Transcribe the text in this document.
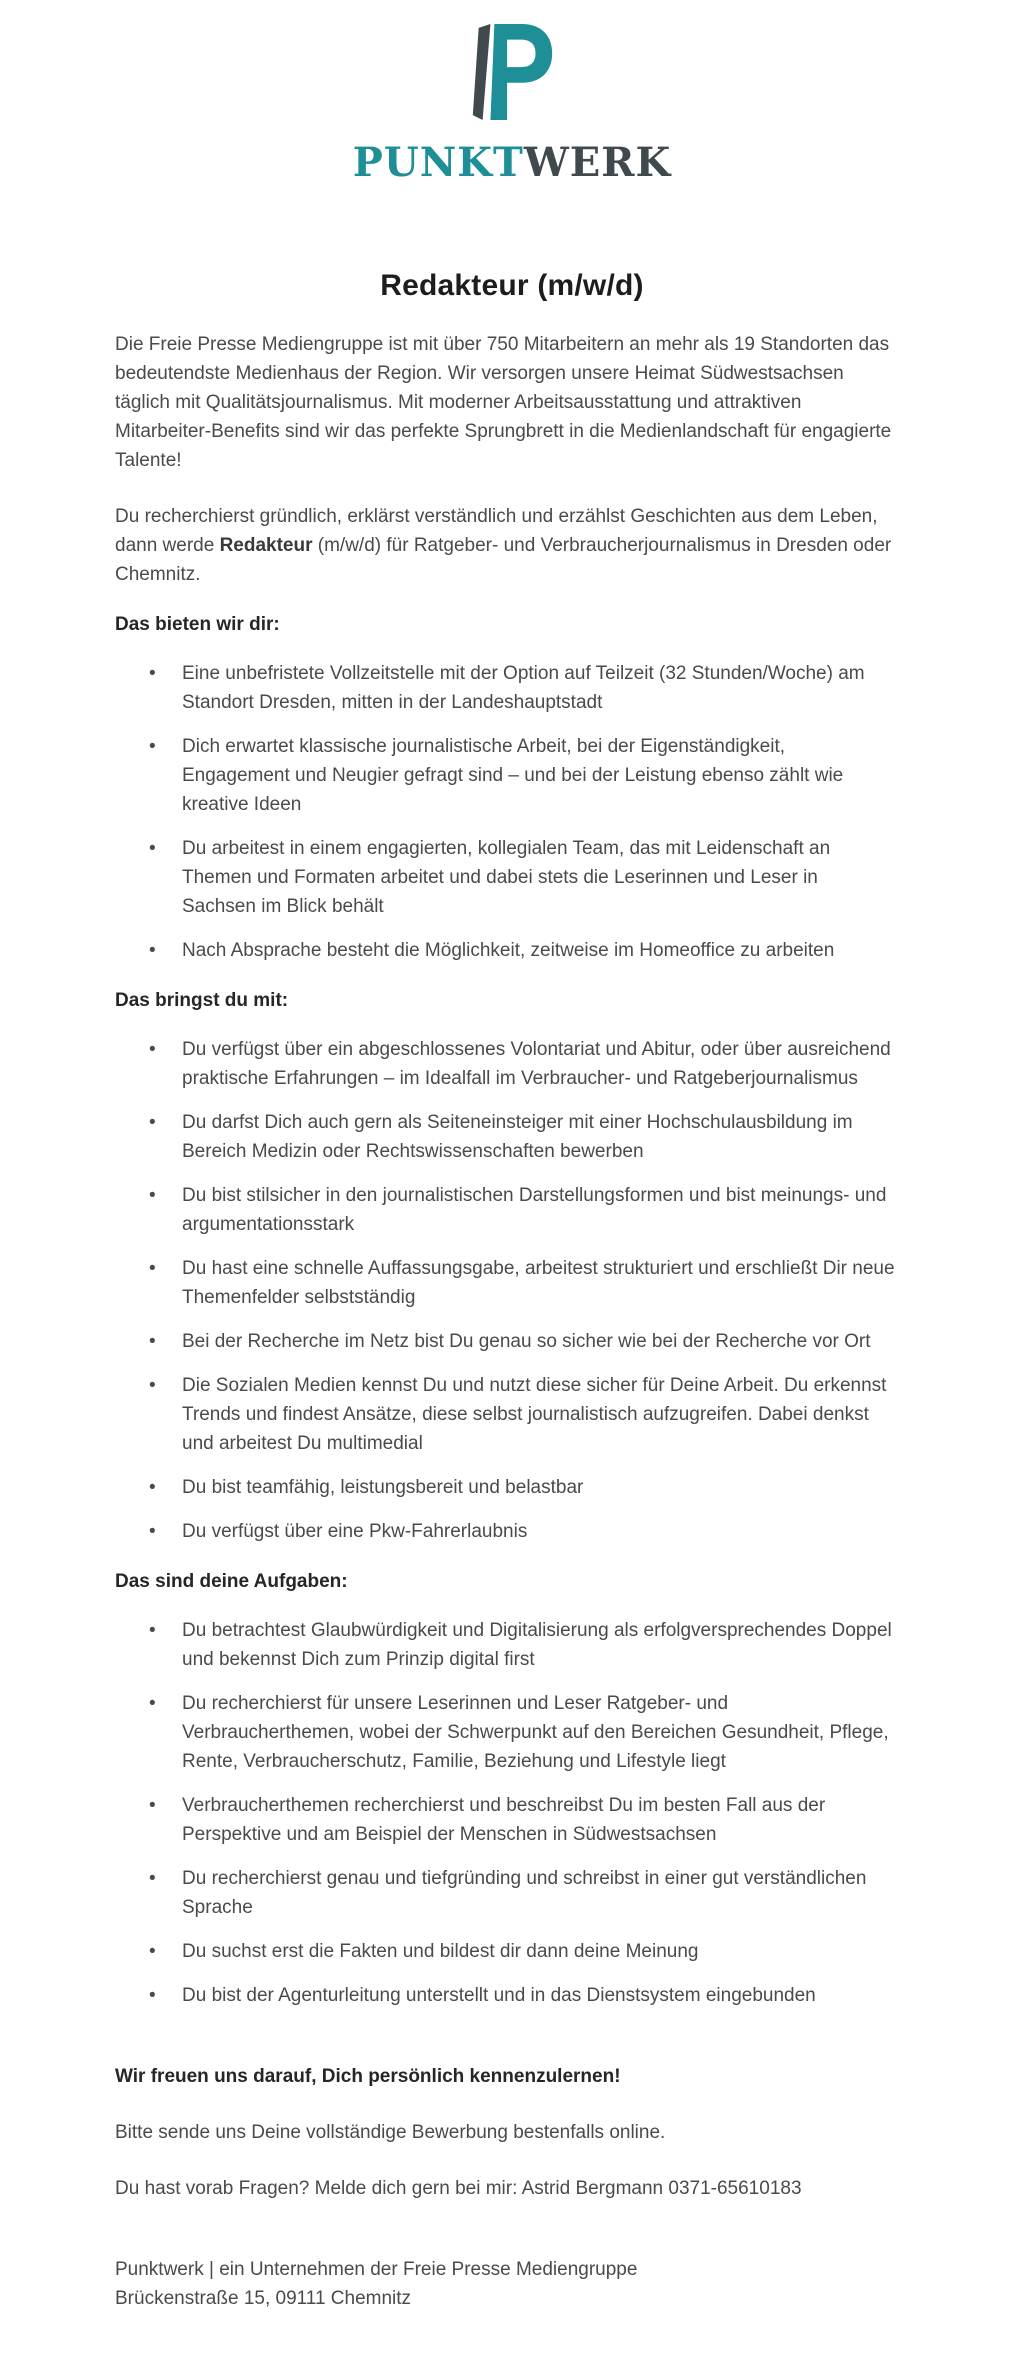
PUNKTWERK
Redakteur (m/w/d)

Die Freie Presse Mediengruppe ist mit über 750 Mitarbeitern an mehr als 19 Standorten das bedeutendste Medienhaus der Region. Wir versorgen unsere Heimat Südwestsachsen täglich mit Qualitätsjournalismus. Mit moderner Arbeitsausstattung und attraktiven Mitarbeiter-Benefits sind wir das perfekte Sprungbrett in die Medienlandschaft für engagierte Talente!

Du recherchierst gründlich, erklärst verständlich und erzählst Geschichten aus dem Leben, dann werde Redakteur (m/w/d) für Ratgeber- und Verbraucherjournalismus in Dresden oder Chemnitz.

Das bieten wir dir:
• Eine unbefristete Vollzeitstelle mit der Option auf Teilzeit (32 Stunden/Woche) am Standort Dresden, mitten in der Landeshauptstadt
• Dich erwartet klassische journalistische Arbeit, bei der Eigenständigkeit, Engagement und Neugier gefragt sind – und bei der Leistung ebenso zählt wie kreative Ideen
• Du arbeitest in einem engagierten, kollegialen Team, das mit Leidenschaft an Themen und Formaten arbeitet und dabei stets die Leserinnen und Leser in Sachsen im Blick behält
• Nach Absprache besteht die Möglichkeit, zeitweise im Homeoffice zu arbeiten
Das bringst du mit:
• Du verfügst über ein abgeschlossenes Volontariat und Abitur, oder über ausreichend praktische Erfahrungen – im Idealfall im Verbraucher- und Ratgeberjournalismus
• Du darfst Dich auch gern als Seiteneinsteiger mit einer Hochschulausbildung im Bereich Medizin oder Rechtswissenschaften bewerben
• Du bist stilsicher in den journalistischen Darstellungsformen und bist meinungs- und argumentationsstark
• Du hast eine schnelle Auffassungsgabe, arbeitest strukturiert und erschließt Dir neue Themenfelder selbstständig
• Bei der Recherche im Netz bist Du genau so sicher wie bei der Recherche vor Ort
• Die Sozialen Medien kennst Du und nutzt diese sicher für Deine Arbeit. Du erkennst Trends und findest Ansätze, diese selbst journalistisch aufzugreifen. Dabei denkst und arbeitest Du multimedial
• Du bist teamfähig, leistungsbereit und belastbar
• Du verfügst über eine Pkw-Fahrerlaubnis
Das sind deine Aufgaben:
• Du betrachtest Glaubwürdigkeit und Digitalisierung als erfolgversprechendes Doppel und bekennst Dich zum Prinzip digital first
• Du recherchierst für unsere Leserinnen und Leser Ratgeber- und Verbraucherthemen, wobei der Schwerpunkt auf den Bereichen Gesundheit, Pflege, Rente, Verbraucherschutz, Familie, Beziehung und Lifestyle liegt
• Verbraucherthemen recherchierst und beschreibst Du im besten Fall aus der Perspektive und am Beispiel der Menschen in Südwestsachsen
• Du recherchierst genau und tiefgründing und schreibst in einer gut verständlichen Sprache
• Du suchst erst die Fakten und bildest dir dann deine Meinung
• Du bist der Agenturleitung unterstellt und in das Dienstsystem eingebunden

Wir freuen uns darauf, Dich persönlich kennenzulernen!

Bitte sende uns Deine vollständige Bewerbung bestenfalls online.

Du hast vorab Fragen? Melde dich gern bei mir: Astrid Bergmann 0371-65610183

Punktwerk | ein Unternehmen der Freie Presse Mediengruppe

Brückenstraße 15, 09111 Chemnitz
